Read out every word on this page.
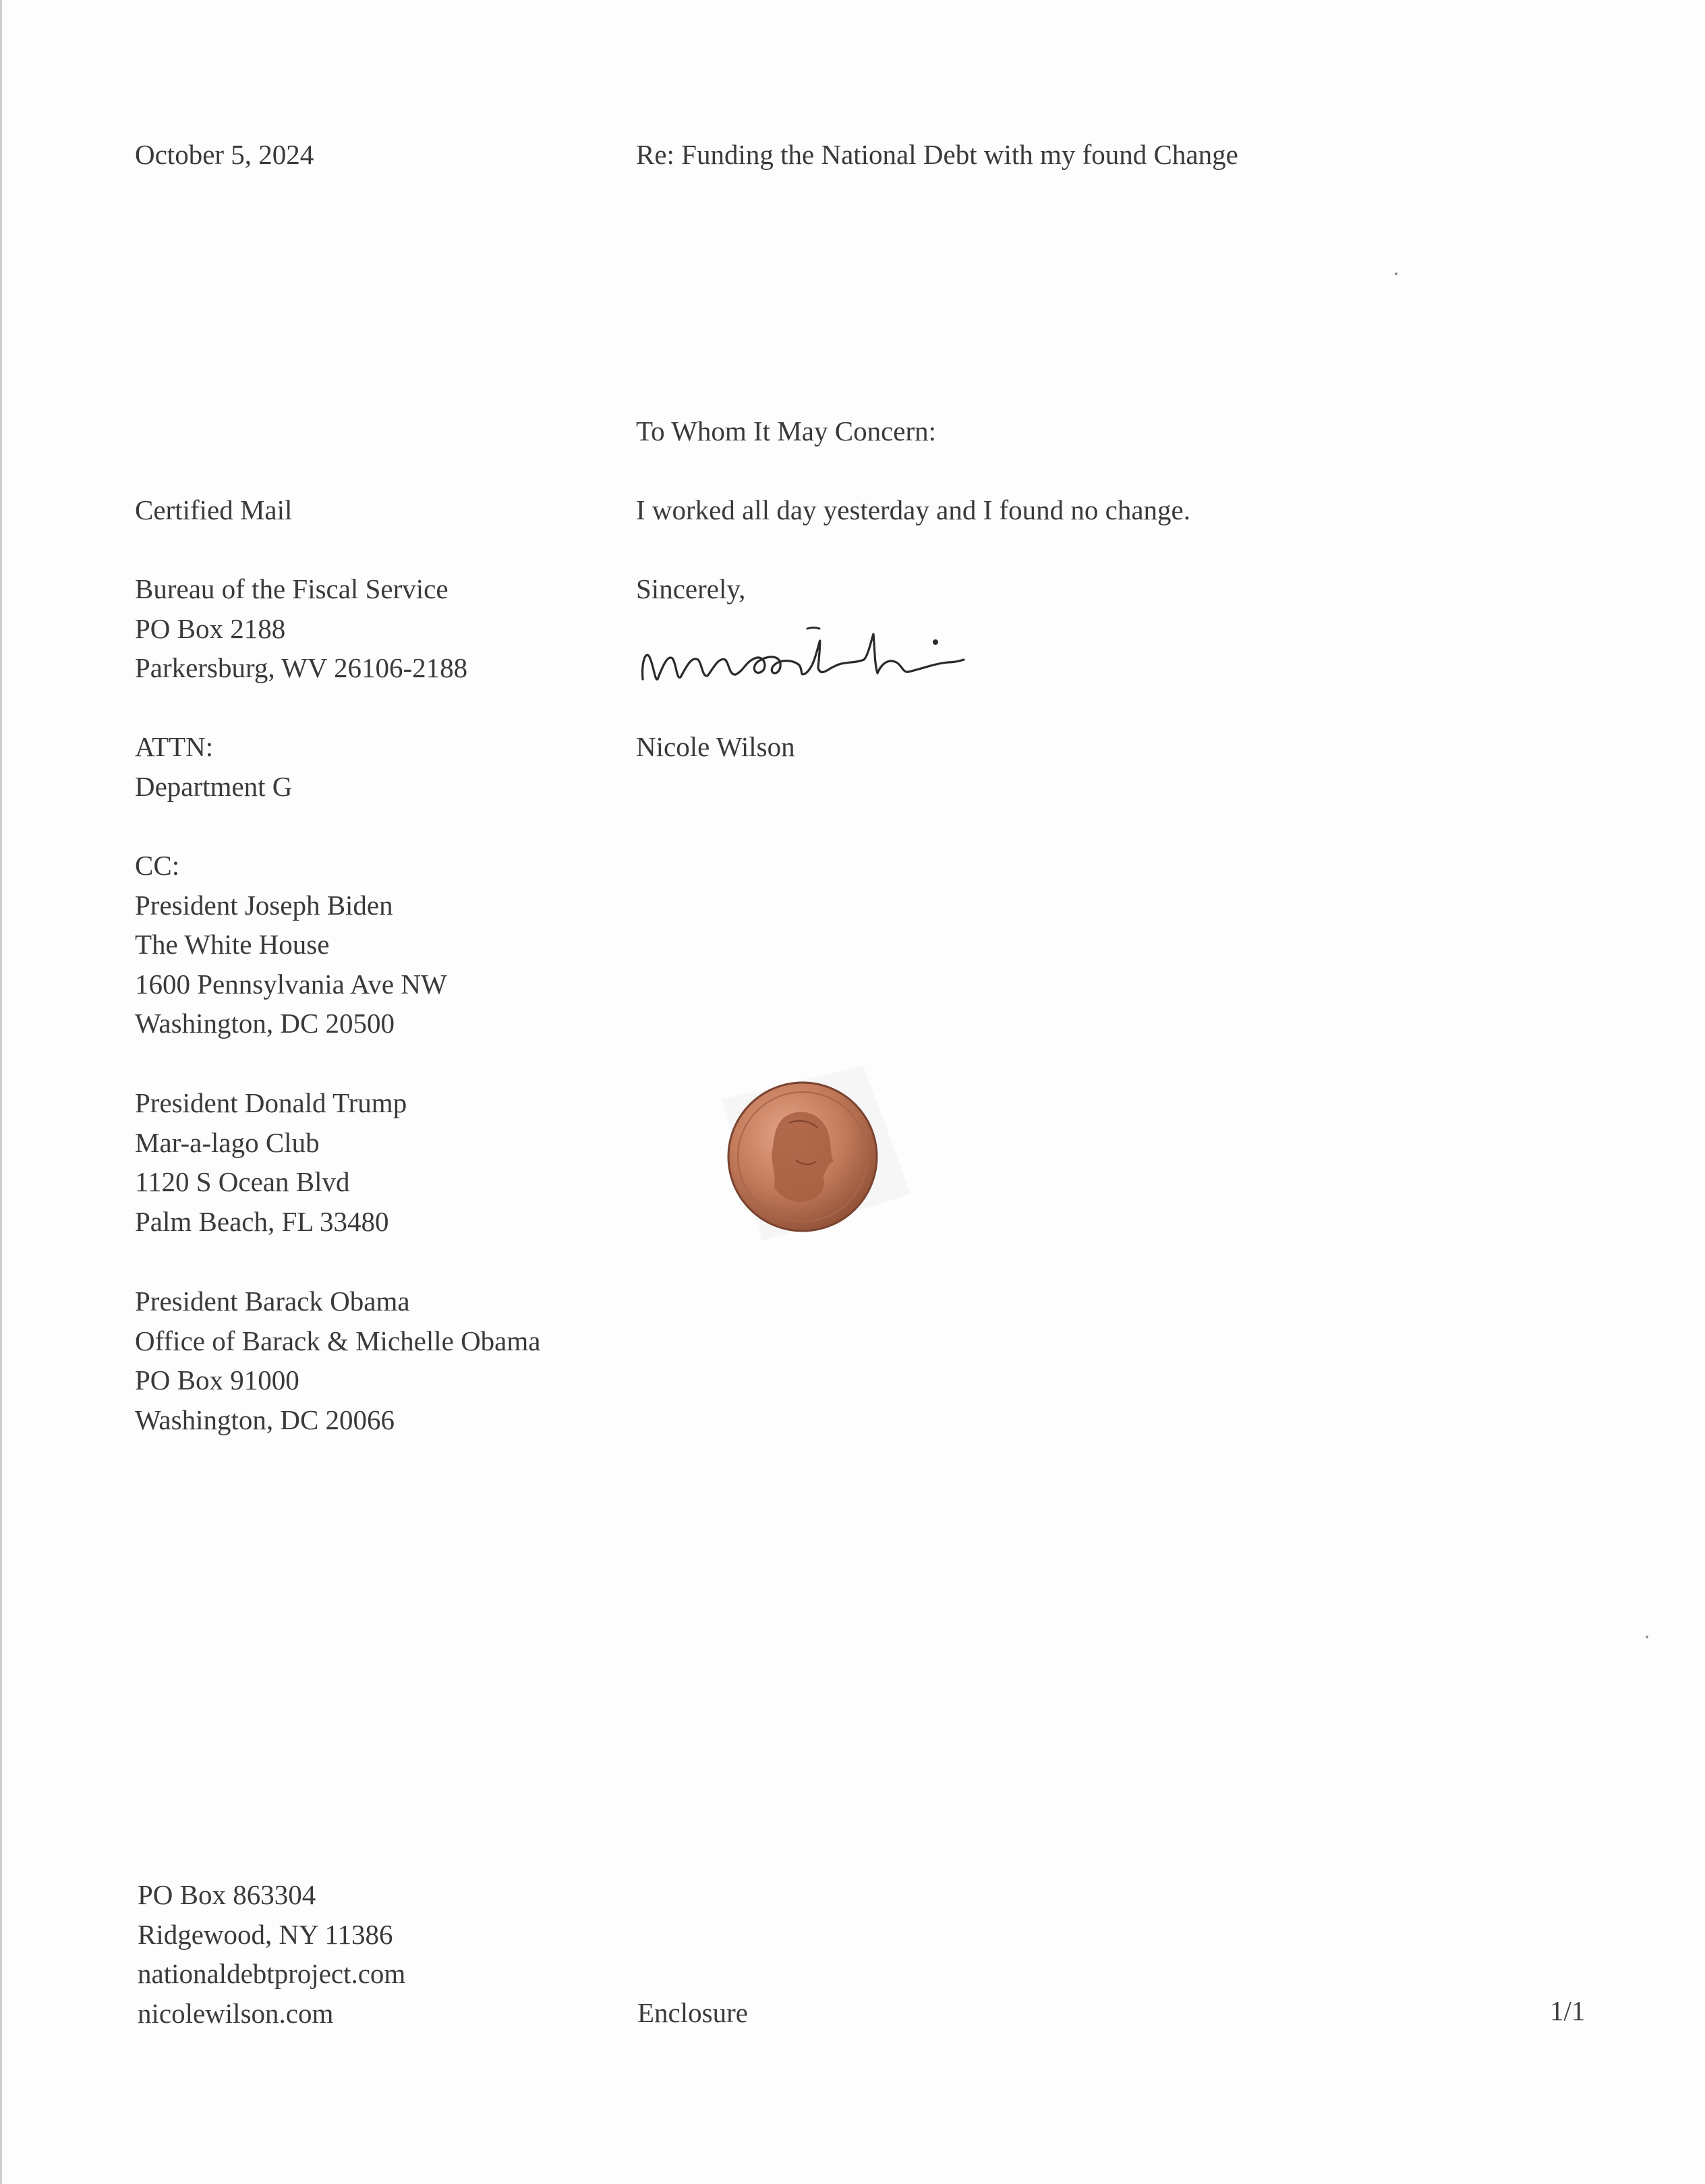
October 5, 2024	Re: Funding the National Debt with my found Change
To Whom It May Concern:
I worked all day yesterday and I found no change.
Sincerely,
Nicole Wilson
Certified Mail
Bureau of the Fiscal Service
PO Box 2188
Parkersburg, WV 26106-2188
ATTN:
Department G
CC:
President Joseph Biden
The White House
1600 Pennsylvania Ave NW
Washington, DC 20500
President Donald Trump
Mar-a-lago Club
1120 S Ocean Blvd
Palm Beach, FL 33480
President Barack Obama
Office of Barack & Michelle Obama
PO Box 91000
Washington, DC 20066
PO Box 863304
Ridgewood, NY 11386
nationaldebtproject.com
nicolewilson.com	Enclosure	1/1
